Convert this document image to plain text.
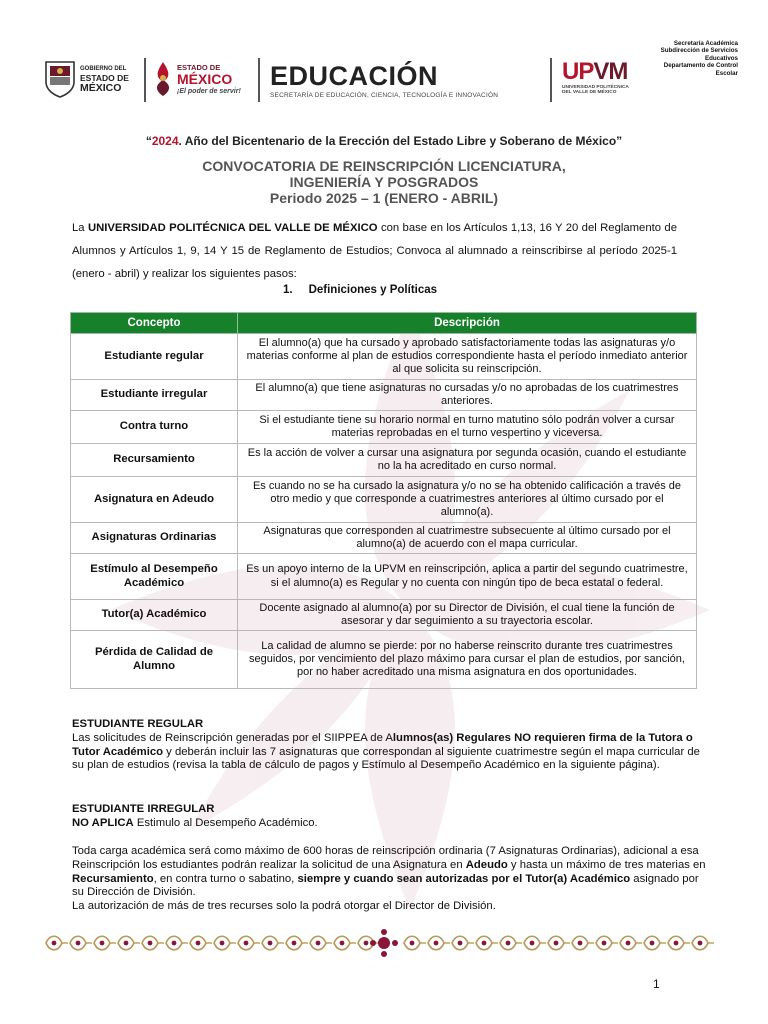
Secretaría Académica
Subdirección de Servicios
Educativos
Departamento de Control
Escolar
GOBIERNO DEL
ESTADO DE
MÉXICO
ESTADO DE
MÉXICO
¡El poder de servir! EDUCACIÓN
SECRETARÍA DE EDUCACIÓN, CIENCIA, TECNOLOGÍA E INNOVACIÓN
UPVM
UNIVERSIDAD POLITÉCNICA
DEL VALLE DE MÉXICO
“2024. Año del Bicentenario de la Erección del Estado Libre y Soberano de México”
CONVOCATORIA DE REINSCRIPCIÓN LICENCIATURA,
INGENIERÍA Y POSGRADOS
Periodo 2025 – 1 (ENERO - ABRIL)
La UNIVERSIDAD POLITÉCNICA DEL VALLE DE MÉXICO con base en los Artículos 1,13, 16 Y 20 del Reglamento de Alumnos y Artículos 1, 9, 14 Y 15 de Reglamento de Estudios; Convoca al alumnado a reinscribirse al período 2025-1 (enero - abril) y realizar los siguientes pasos:
1. Definiciones y Políticas
Concepto	Descripción
Estudiante regular	El alumno(a) que ha cursado y aprobado satisfactoriamente todas las asignaturas y/o materias conforme al plan de estudios correspondiente hasta el período inmediato anterior al que solicita su reinscripción.
Estudiante irregular	El alumno(a) que tiene asignaturas no cursadas y/o no aprobadas de los cuatrimestres anteriores.
Contra turno	Si el estudiante tiene su horario normal en turno matutino sólo podrán volver a cursar materias reprobadas en el turno vespertino y viceversa.
Recursamiento	Es la acción de volver a cursar una asignatura por segunda ocasión, cuando el estudiante no la ha acreditado en curso normal.
Asignatura en Adeudo	Es cuando no se ha cursado la asignatura y/o no se ha obtenido calificación a través de otro medio y que corresponde a cuatrimestres anteriores al último cursado por el alumno(a).
Asignaturas Ordinarias	Asignaturas que corresponden al cuatrimestre subsecuente al último cursado por el alumno(a) de acuerdo con el mapa curricular.
Estímulo al Desempeño Académico	Es un apoyo interno de la UPVM en reinscripción, aplica a partir del segundo cuatrimestre, si el alumno(a) es Regular y no cuenta con ningún tipo de beca estatal o federal.
Tutor(a) Académico	Docente asignado al alumno(a) por su Director de División, el cual tiene la función de asesorar y dar seguimiento a su trayectoria escolar.
Pérdida de Calidad de Alumno	La calidad de alumno se pierde: por no haberse reinscrito durante tres cuatrimestres seguidos, por vencimiento del plazo máximo para cursar el plan de estudios, por sanción, por no haber acreditado una misma asignatura en dos oportunidades.
ESTUDIANTE REGULAR
Las solicitudes de Reinscripción generadas por el SIIPPEA de Alumnos(as) Regulares NO requieren firma de la Tutora o Tutor Académico y deberán incluir las 7 asignaturas que correspondan al siguiente cuatrimestre según el mapa curricular de su plan de estudios (revisa la tabla de cálculo de pagos y Estímulo al Desempeño Académico en la siguiente página).
ESTUDIANTE IRREGULAR
NO APLICA Estimulo al Desempeño Académico.
Toda carga académica será como máximo de 600 horas de reinscripción ordinaria (7 Asignaturas Ordinarias), adicional a esa Reinscripción los estudiantes podrán realizar la solicitud de una Asignatura en Adeudo y hasta un máximo de tres materias en Recursamiento, en contra turno o sabatino, siempre y cuando sean autorizadas por el Tutor(a) Académico asignado por su Dirección de División.
La autorización de más de tres recurses solo la podrá otorgar el Director de División.
1
